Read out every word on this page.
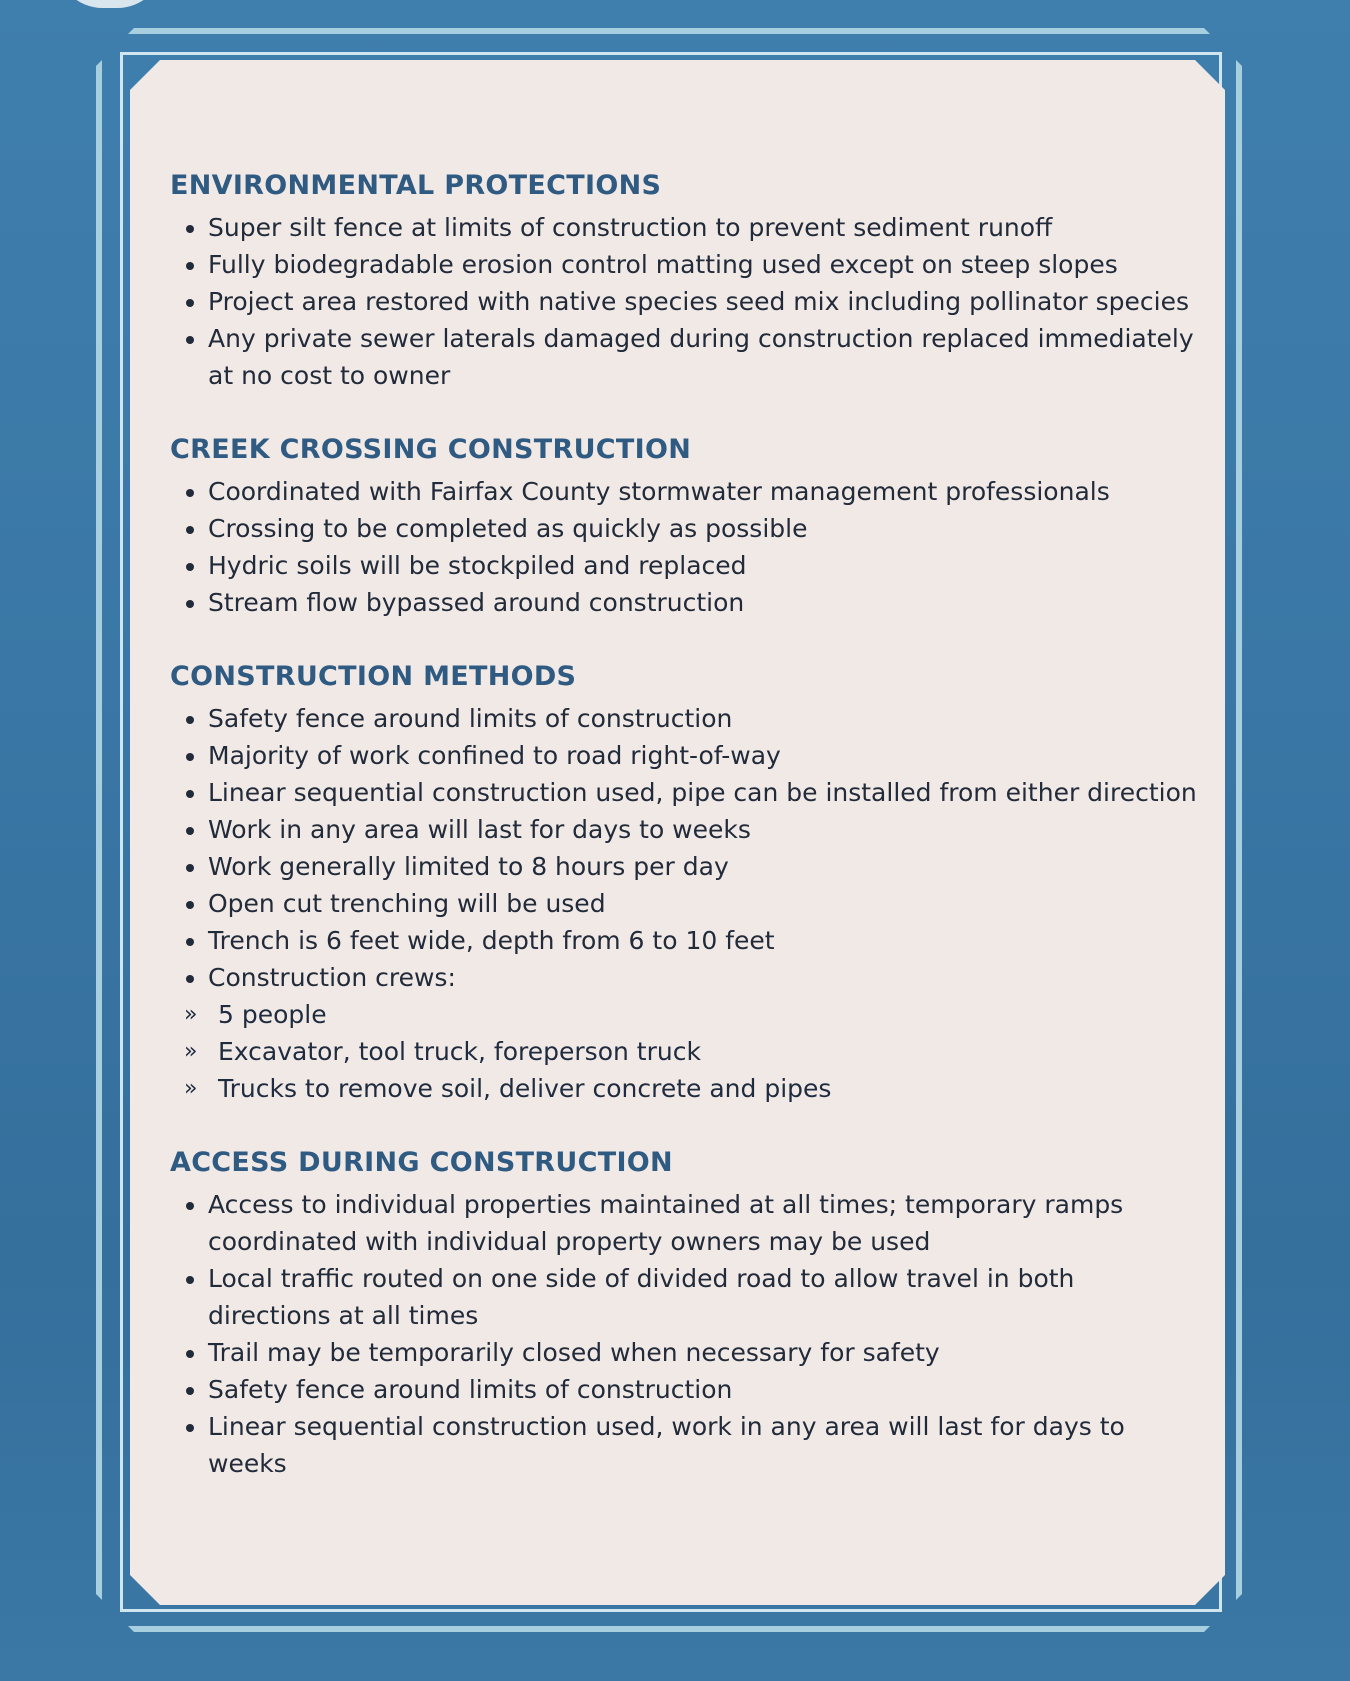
ENVIRONMENTAL PROTECTIONS
Super silt fence at limits of construction to prevent sediment runoff
Fully biodegradable erosion control matting used except on steep slopes
Project area restored with native species seed mix including pollinator species
Any private sewer laterals damaged during construction replaced immediately at no cost to owner
CREEK CROSSING CONSTRUCTION
Coordinated with Fairfax County stormwater management professionals
Crossing to be completed as quickly as possible
Hydric soils will be stockpiled and replaced
Stream flow bypassed around construction
CONSTRUCTION METHODS
Safety fence around limits of construction
Majority of work confined to road right-of-way
Linear sequential construction used, pipe can be installed from either direction
Work in any area will last for days to weeks
Work generally limited to 8 hours per day
Open cut trenching will be used
Trench is 6 feet wide, depth from 6 to 10 feet
Construction crews:
» 5 people
» Excavator, tool truck, foreperson truck
» Trucks to remove soil, deliver concrete and pipes
ACCESS DURING CONSTRUCTION
Access to individual properties maintained at all times; temporary ramps coordinated with individual property owners may be used
Local traffic routed on one side of divided road to allow travel in both directions at all times
Trail may be temporarily closed when necessary for safety
Safety fence around limits of construction
Linear sequential construction used, work in any area will last for days to weeks
